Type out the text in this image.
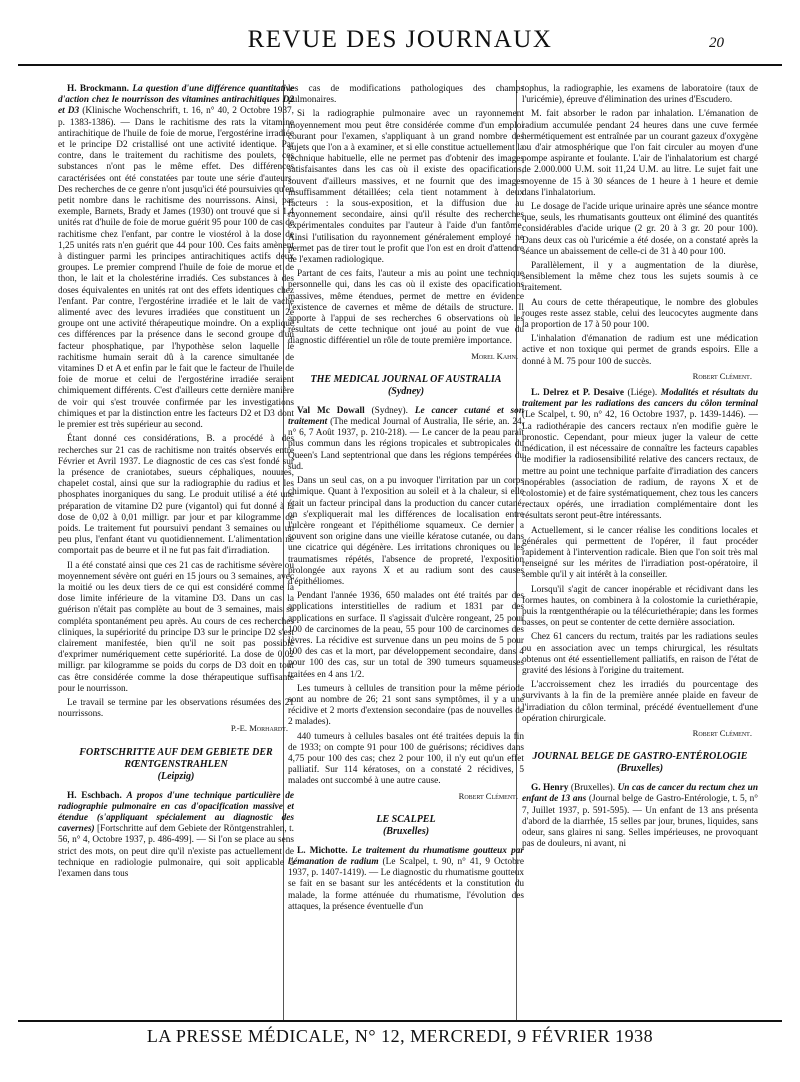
REVUE DES JOURNAUX	20

H. Brockmann. La question d'une différence quantitative d'action chez le nourrisson des vitamines antirachitiques D2 et D3 (Klinische Wochenschrift, t. 16, n° 40, 2 Octobre 1937, p. 1383-1386). — Dans le rachitisme des rats la vitamine antirachitique de l'huile de foie de morue, l'ergostérine irradiée et le principe D2 cristallisé ont une activité identique. Par contre, dans le traitement du rachitisme des poulets, ces substances n'ont pas le même effet. Des différences caractérisées ont été constatées par toute une série d'auteurs. Des recherches de ce genre n'ont jusqu'ici été poursuivies qu'en petit nombre dans le rachitisme des nourrissons. Ainsi, par exemple, Barnets, Brady et James (1930) ont trouvé que si 1,4 unités rat d'huile de foie de morue guérit 95 pour 100 de cas de rachitisme chez l'enfant, par contre le viostérol à la dose de 1,25 unités rats n'en guérit que 44 pour 100. Ces faits amènent à distinguer parmi les principes antirachitiques actifs deux groupes. Le premier comprend l'huile de foie de morue et de thon, le lait et la cholestérine irradiés. Ces substances à des doses équivalentes en unités rat ont des effets identiques chez l'enfant. Par contre, l'ergostérine irradiée et le lait de vache alimenté avec des levures irradiées que constituent un 2e groupe ont une activité thérapeutique moindre. On a expliqué ces différences par la présence dans le second groupe d'un facteur phosphatique, par l'hypothèse selon laquelle le rachitisme humain serait dû à la carence simultanée de vitamines D et A et enfin par le fait que le facteur de l'huile de foie de morue et celui de l'ergostérine irradiée seraient chimiquement différents. C'est d'ailleurs cette dernière manière de voir qui s'est trouvée confirmée par les investigations chimiques et par la distinction entre les facteurs D2 et D3 dont le premier est très supérieur au second.

Étant donné ces considérations, B. a procédé à des recherches sur 21 cas de rachitisme non traités observés entre Février et Avril 1937. Le diagnostic de ces cas s'est fondé sur la présence de craniotabes, sueurs céphaliques, nouures, chapelet costal, ainsi que sur la radiographie du radius et les phosphates inorganiques du sang. Le produit utilisé a été une préparation de vitamine D2 pure (vigantol) qui fut donné à la dose de 0,02 à 0,01 milligr. par jour et par kilogramme de poids. Le traitement fut poursuivi pendant 3 semaines ou un peu plus, l'enfant étant vu quotidiennement. L'alimentation ne comportait pas de beurre et il ne fut pas fait d'irradiation.

Il a été constaté ainsi que ces 21 cas de rachitisme sévère ou moyennement sévère ont guéri en 15 jours ou 3 semaines, avec la moitié ou les deux tiers de ce qui est considéré comme la dose limite inférieure de la vitamine D3. Dans un cas la guérison n'était pas complète au bout de 3 semaines, mais se compléta spontanément peu après. Au cours de ces recherches cliniques, la supériorité du principe D3 sur le principe D2 s'est clairement manifestée, bien qu'il ne soit pas possible d'exprimer numériquement cette supériorité. La dose de 0,02 milligr. par kilogramme se poids du corps de D3 doit en tout cas être considérée comme la dose thérapeutique suffisante pour le nourrisson.

Le travail se termine par les observations résumées des 21 nourrissons.

P.-E. Morhardt.
FORTSCHRITTE AUF DEM GEBIETE DER RŒNTGENSTRAHLEN
(Leipzig)

H. Eschbach. A propos d'une technique particulière de radiographie pulmonaire en cas d'opacification massive et étendue (s'appliquant spécialement au diagnostic des cavernes) [Fortschritte auf dem Gebiete der Röntgenstrahlen, t. 56, n° 4, Octobre 1937, p. 486-499]. — Si l'on se place au sens strict des mots, on peut dire qu'il n'existe pas actuellement de technique en radiologie pulmonaire, qui soit applicable à l'examen dans tous

les cas de modifications pathologiques des champs pulmonaires.

Si la radiographie pulmonaire avec un rayonnement moyennement mou peut être considérée comme d'un emploi courant pour l'examen, s'appliquant à un grand nombre des sujets que l'on a à examiner, et si elle constitue actuellement la technique habituelle, elle ne permet pas d'obtenir des images satisfaisantes dans les cas où il existe des opacifications, souvent d'ailleurs massives, et ne fournit que des images insuffisamment détaillées; cela tient notamment à deux facteurs : la sous-exposition, et la diffusion due au rayonnement secondaire, ainsi qu'il résulte des recherches expérimentales conduites par l'auteur à l'aide d'un fantôme. Ainsi l'utilisation du rayonnement généralement employé ne permet pas de tirer tout le profit que l'on est en droit d'attendre de l'examen radiologique.

Partant de ces faits, l'auteur a mis au point une technique personnelle qui, dans les cas où il existe des opacifications massives, même étendues, permet de mettre en évidence l'existence de cavernes et même de détails de structure. Il apporte à l'appui de ses recherches 6 observations où les résultats de cette technique ont joué au point de vue du diagnostic différentiel un rôle de toute première importance.

Morel Kahn.
THE MEDICAL JOURNAL OF AUSTRALIA
(Sydney)

Val Mc Dowall (Sydney). Le cancer cutané et son traitement (The medical Journal of Australia, IIe série, an. 24, n° 6, 7 Août 1937, p. 210-218). — Le cancer de la peau paraît plus commun dans les régions tropicales et subtropicales du Queen's Land septentrional que dans les régions tempérées du sud.

Dans un seul cas, on a pu invoquer l'irritation par un corps chimique. Quant à l'exposition au soleil et à la chaleur, si elle était un facteur principal dans la production du cancer cutané, on s'expliquerait mal les différences de localisation entre l'ulcère rongeant et l'épithéliome squameux. Ce dernier a souvent son origine dans une vieille kératose cutanée, ou dans une cicatrice qui dégénère. Les irritations chroniques ou les traumatismes répétés, l'absence de propreté, l'exposition prolongée aux rayons X et au radium sont des causes d'épithéliomes.

Pendant l'année 1936, 650 malades ont été traités par des applications interstitielles de radium et 1831 par des applications en surface. Il s'agissait d'ulcère rongeant, 25 pour 100 de carcinomes de la peau, 55 pour 100 de carcinomes des lèvres. La récidive est survenue dans un peu moins de 5 pour 100 des cas et la mort, par développement secondaire, dans 4 pour 100 des cas, sur un total de 390 tumeurs squameuses traitées en 4 ans 1/2.

Les tumeurs à cellules de transition pour la même période sont au nombre de 26; 21 sont sans symptômes, il y a une récidive et 2 morts d'extension secondaire (pas de nouvelles de 2 malades).

440 tumeurs à cellules basales ont été traitées depuis la fin de 1933; on compte 91 pour 100 de guérisons; récidives dans 4,75 pour 100 des cas; chez 2 pour 100, il n'y eut qu'un effet palliatif. Sur 114 kératoses, on a constaté 2 récidives, 5 malades ont succombé à une autre cause.

Robert Clément.
LE SCALPEL
(Bruxelles)

L. Michotte. Le traitement du rhumatisme goutteux par l'émanation de radium (Le Scalpel, t. 90, n° 41, 9 Octobre 1937, p. 1407-1419). — Le diagnostic du rhumatisme goutteux se fait en se basant sur les antécédents et la constitution du malade, la forme atténuée du rhumatisme, l'évolution des attaques, la présence éventuelle d'un

tophus, la radiographie, les examens de laboratoire (taux de l'uricémie), épreuve d'élimination des urines d'Escudero.

M. fait absorber le radon par inhalation. L'émanation de radium accumulée pendant 24 heures dans une cuve fermée hermétiquement est entraînée par un courant gazeux d'oxygène ou d'air atmosphérique que l'on fait circuler au moyen d'une pompe aspirante et foulante. L'air de l'inhalatorium est chargé de 2.000.000 U.M. soit 11,24 U.M. au litre. Le sujet fait une moyenne de 15 à 30 séances de 1 heure à 1 heure et demie dans l'inhalatorium.

Le dosage de l'acide urique urinaire après une séance montre que, seuls, les rhumatisants goutteux ont éliminé des quantités considérables d'acide urique (2 gr. 20 à 3 gr. 20 pour 100). Dans deux cas où l'uricémie a été dosée, on a constaté après la séance un abaissement de celle-ci de 31 à 40 pour 100.

Parallèlement, il y a augmentation de la diurèse, sensiblement la même chez tous les sujets soumis à ce traitement.

Au cours de cette thérapeutique, le nombre des globules rouges reste assez stable, celui des leucocytes augmente dans la proportion de 17 à 50 pour 100.

L'inhalation d'émanation de radium est une médication active et non toxique qui permet de grands espoirs. Elle a donné à M. 75 pour 100 de succès.

Robert Clément.

L. Delrez et P. Desaive (Liége). Modalités et résultats du traitement par les radiations des cancers du côlon terminal (Le Scalpel, t. 90, n° 42, 16 Octobre 1937, p. 1439-1446). — La radiothérapie des cancers rectaux n'en modifie guère le pronostic. Cependant, pour mieux juger la valeur de cette médication, il est nécessaire de connaître les facteurs capables de modifier la radiosensibilité relative des cancers rectaux, de mettre au point une technique parfaite d'irradiation des cancers inopérables (association de radium, de rayons X et de colostomie) et de faire systématiquement, chez tous les cancers rectaux opérés, une irradiation complémentaire dont les résultats seront peut-être intéressants.

Actuellement, si le cancer réalise les conditions locales et générales qui permettent de l'opérer, il faut procéder rapidement à l'intervention radicale. Bien que l'on soit très mal renseigné sur les mérites de l'irradiation post-opératoire, il semble qu'il y ait intérêt à la conseiller.

Lorsqu'il s'agit de cancer inopérable et récidivant dans les formes hautes, on combinera à la colostomie la curiethérapie, puis la rœntgenthérapie ou la télécuriethérapie; dans les formes basses, on peut se contenter de cette dernière association.

Chez 61 cancers du rectum, traités par les radiations seules ou en association avec un temps chirurgical, les résultats obtenus ont été essentiellement palliatifs, en raison de l'état de gravité des lésions à l'origine du traitement.

L'accroissement chez les irradiés du pourcentage des survivants à la fin de la première année plaide en faveur de l'irradiation du côlon terminal, précédé éventuellement d'une opération chirurgicale.

Robert Clément.
JOURNAL BELGE DE GASTRO-ENTÉROLOGIE
(Bruxelles)

G. Henry (Bruxelles). Un cas de cancer du rectum chez un enfant de 13 ans (Journal belge de Gastro-Entérologie, t. 5, n° 7, Juillet 1937, p. 591-595). — Un enfant de 13 ans présenta d'abord de la diarrhée, 15 selles par jour, brunes, liquides, sans odeur, sans glaires ni sang. Selles impérieuses, ne provoquant pas de douleurs, ni avant, ni

LA PRESSE MÉDICALE, N° 12, MERCREDI, 9 FÉVRIER 1938
